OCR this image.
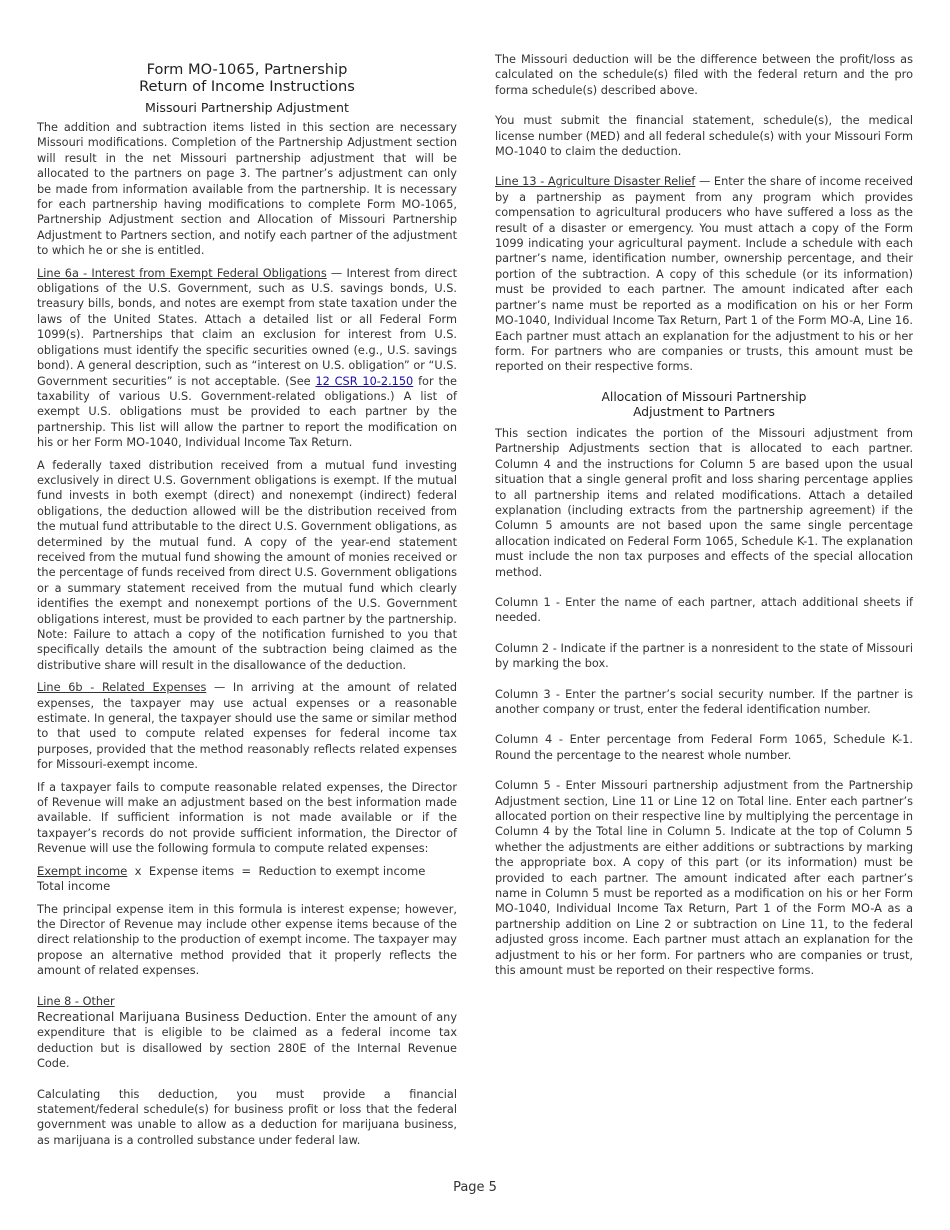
Form MO-1065, Partnership
Return of Income Instructions
Missouri Partnership Adjustment

The addition and subtraction items listed in this section are necessary Missouri modifications. Completion of the Partnership Adjustment section will result in the net Missouri partnership adjustment that will be allocated to the partners on page 3. The partner’s adjustment can only be made from information available from the partnership. It is necessary for each partnership having modifications to complete Form MO-1065, Partnership Adjustment section and Allocation of Missouri Partnership Adjustment to Partners section, and notify each partner of the adjustment to which he or she is entitled.

Line 6a - Interest from Exempt Federal Obligations — Interest from direct obligations of the U.S. Government, such as U.S. savings bonds, U.S. treasury bills, bonds, and notes are exempt from state taxation under the laws of the United States. Attach a detailed list or all Federal Form 1099(s). Partnerships that claim an exclusion for interest from U.S. obligations must identify the specific securities owned (e.g., U.S. savings bond). A general description, such as “interest on U.S. obligation” or “U.S. Government securities” is not acceptable. (See 12 CSR 10-2.150 for the taxability of various U.S. Government-related obligations.) A list of exempt U.S. obligations must be provided to each partner by the partnership. This list will allow the partner to report the modification on his or her Form MO-1040, Individual Income Tax Return.

A federally taxed distribution received from a mutual fund investing exclusively in direct U.S. Government obligations is exempt. If the mutual fund invests in both exempt (direct) and nonexempt (indirect) federal obligations, the deduction allowed will be the distribution received from the mutual fund attributable to the direct U.S. Government obligations, as determined by the mutual fund. A copy of the year-end statement received from the mutual fund showing the amount of monies received or the percentage of funds received from direct U.S. Government obligations or a summary statement received from the mutual fund which clearly identifies the exempt and nonexempt portions of the U.S. Government obligations interest, must be provided to each partner by the partnership. Note: Failure to attach a copy of the notification furnished to you that specifically details the amount of the subtraction being claimed as the distributive share will result in the disallowance of the deduction.

Line 6b - Related Expenses — In arriving at the amount of related expenses, the taxpayer may use actual expenses or a reasonable estimate. In general, the taxpayer should use the same or similar method to that used to compute related expenses for federal income tax purposes, provided that the method reasonably reflects related expenses for Missouri-exempt income.

If a taxpayer fails to compute reasonable related expenses, the Director of Revenue will make an adjustment based on the best information made available. If sufficient information is not made available or if the taxpayer’s records do not provide sufficient information, the Director of Revenue will use the following formula to compute related expenses:

Exempt income  x  Expense items  =  Reduction to exempt income
Total income

The principal expense item in this formula is interest expense; however, the Director of Revenue may include other expense items because of the direct relationship to the production of exempt income. The taxpayer may propose an alternative method provided that it properly reflects the amount of related expenses.

Line 8 - Other

Recreational Marijuana Business Deduction. Enter the amount of any expenditure that is eligible to be claimed as a federal income tax deduction but is disallowed by section 280E of the Internal Revenue Code.

Calculating this deduction, you must provide a financial statement/federal schedule(s) for business profit or loss that the federal government was unable to allow as a deduction for marijuana business, as marijuana is a controlled substance under federal law.

The Missouri deduction will be the difference between the profit/loss as calculated on the schedule(s) filed with the federal return and the pro forma schedule(s) described above.

You must submit the financial statement, schedule(s), the medical license number (MED) and all federal schedule(s) with your Missouri Form MO-1040 to claim the deduction.

Line 13 - Agriculture Disaster Relief — Enter the share of income received by a partnership as payment from any program which provides compensation to agricultural producers who have suffered a loss as the result of a disaster or emergency. You must attach a copy of the Form 1099 indicating your agricultural payment. Include a schedule with each partner’s name, identification number, ownership percentage, and their portion of the subtraction. A copy of this schedule (or its information) must be provided to each partner. The amount indicated after each partner’s name must be reported as a modification on his or her Form MO-1040, Individual Income Tax Return, Part 1 of the Form MO-A, Line 16. Each partner must attach an explanation for the adjustment to his or her form. For partners who are companies or trusts, this amount must be reported on their respective forms.

Allocation of Missouri Partnership
Adjustment to Partners

This section indicates the portion of the Missouri adjustment from Partnership Adjustments section that is allocated to each partner. Column 4 and the instructions for Column 5 are based upon the usual situation that a single general profit and loss sharing percentage applies to all partnership items and related modifications. Attach a detailed explanation (including extracts from the partnership agreement) if the Column 5 amounts are not based upon the same single percentage allocation indicated on Federal Form 1065, Schedule K-1. The explanation must include the non tax purposes and effects of the special allocation method.

Column 1 - Enter the name of each partner, attach additional sheets if needed.

Column 2 - Indicate if the partner is a nonresident to the state of Missouri by marking the box.

Column 3 - Enter the partner’s social security number. If the partner is another company or trust, enter the federal identification number.

Column 4 - Enter percentage from Federal Form 1065, Schedule K-1. Round the percentage to the nearest whole number.

Column 5 - Enter Missouri partnership adjustment from the Partnership Adjustment section, Line 11 or Line 12 on Total line. Enter each partner’s allocated portion on their respective line by multiplying the percentage in Column 4 by the Total line in Column 5. Indicate at the top of Column 5 whether the adjustments are either additions or subtractions by marking the appropriate box. A copy of this part (or its information) must be provided to each partner. The amount indicated after each partner’s name in Column 5 must be reported as a modification on his or her Form MO-1040, Individual Income Tax Return, Part 1 of the Form MO-A as a partnership addition on Line 2 or subtraction on Line 11, to the federal adjusted gross income. Each partner must attach an explanation for the adjustment to his or her form. For partners who are companies or trust, this amount must be reported on their respective forms.

Page 5
